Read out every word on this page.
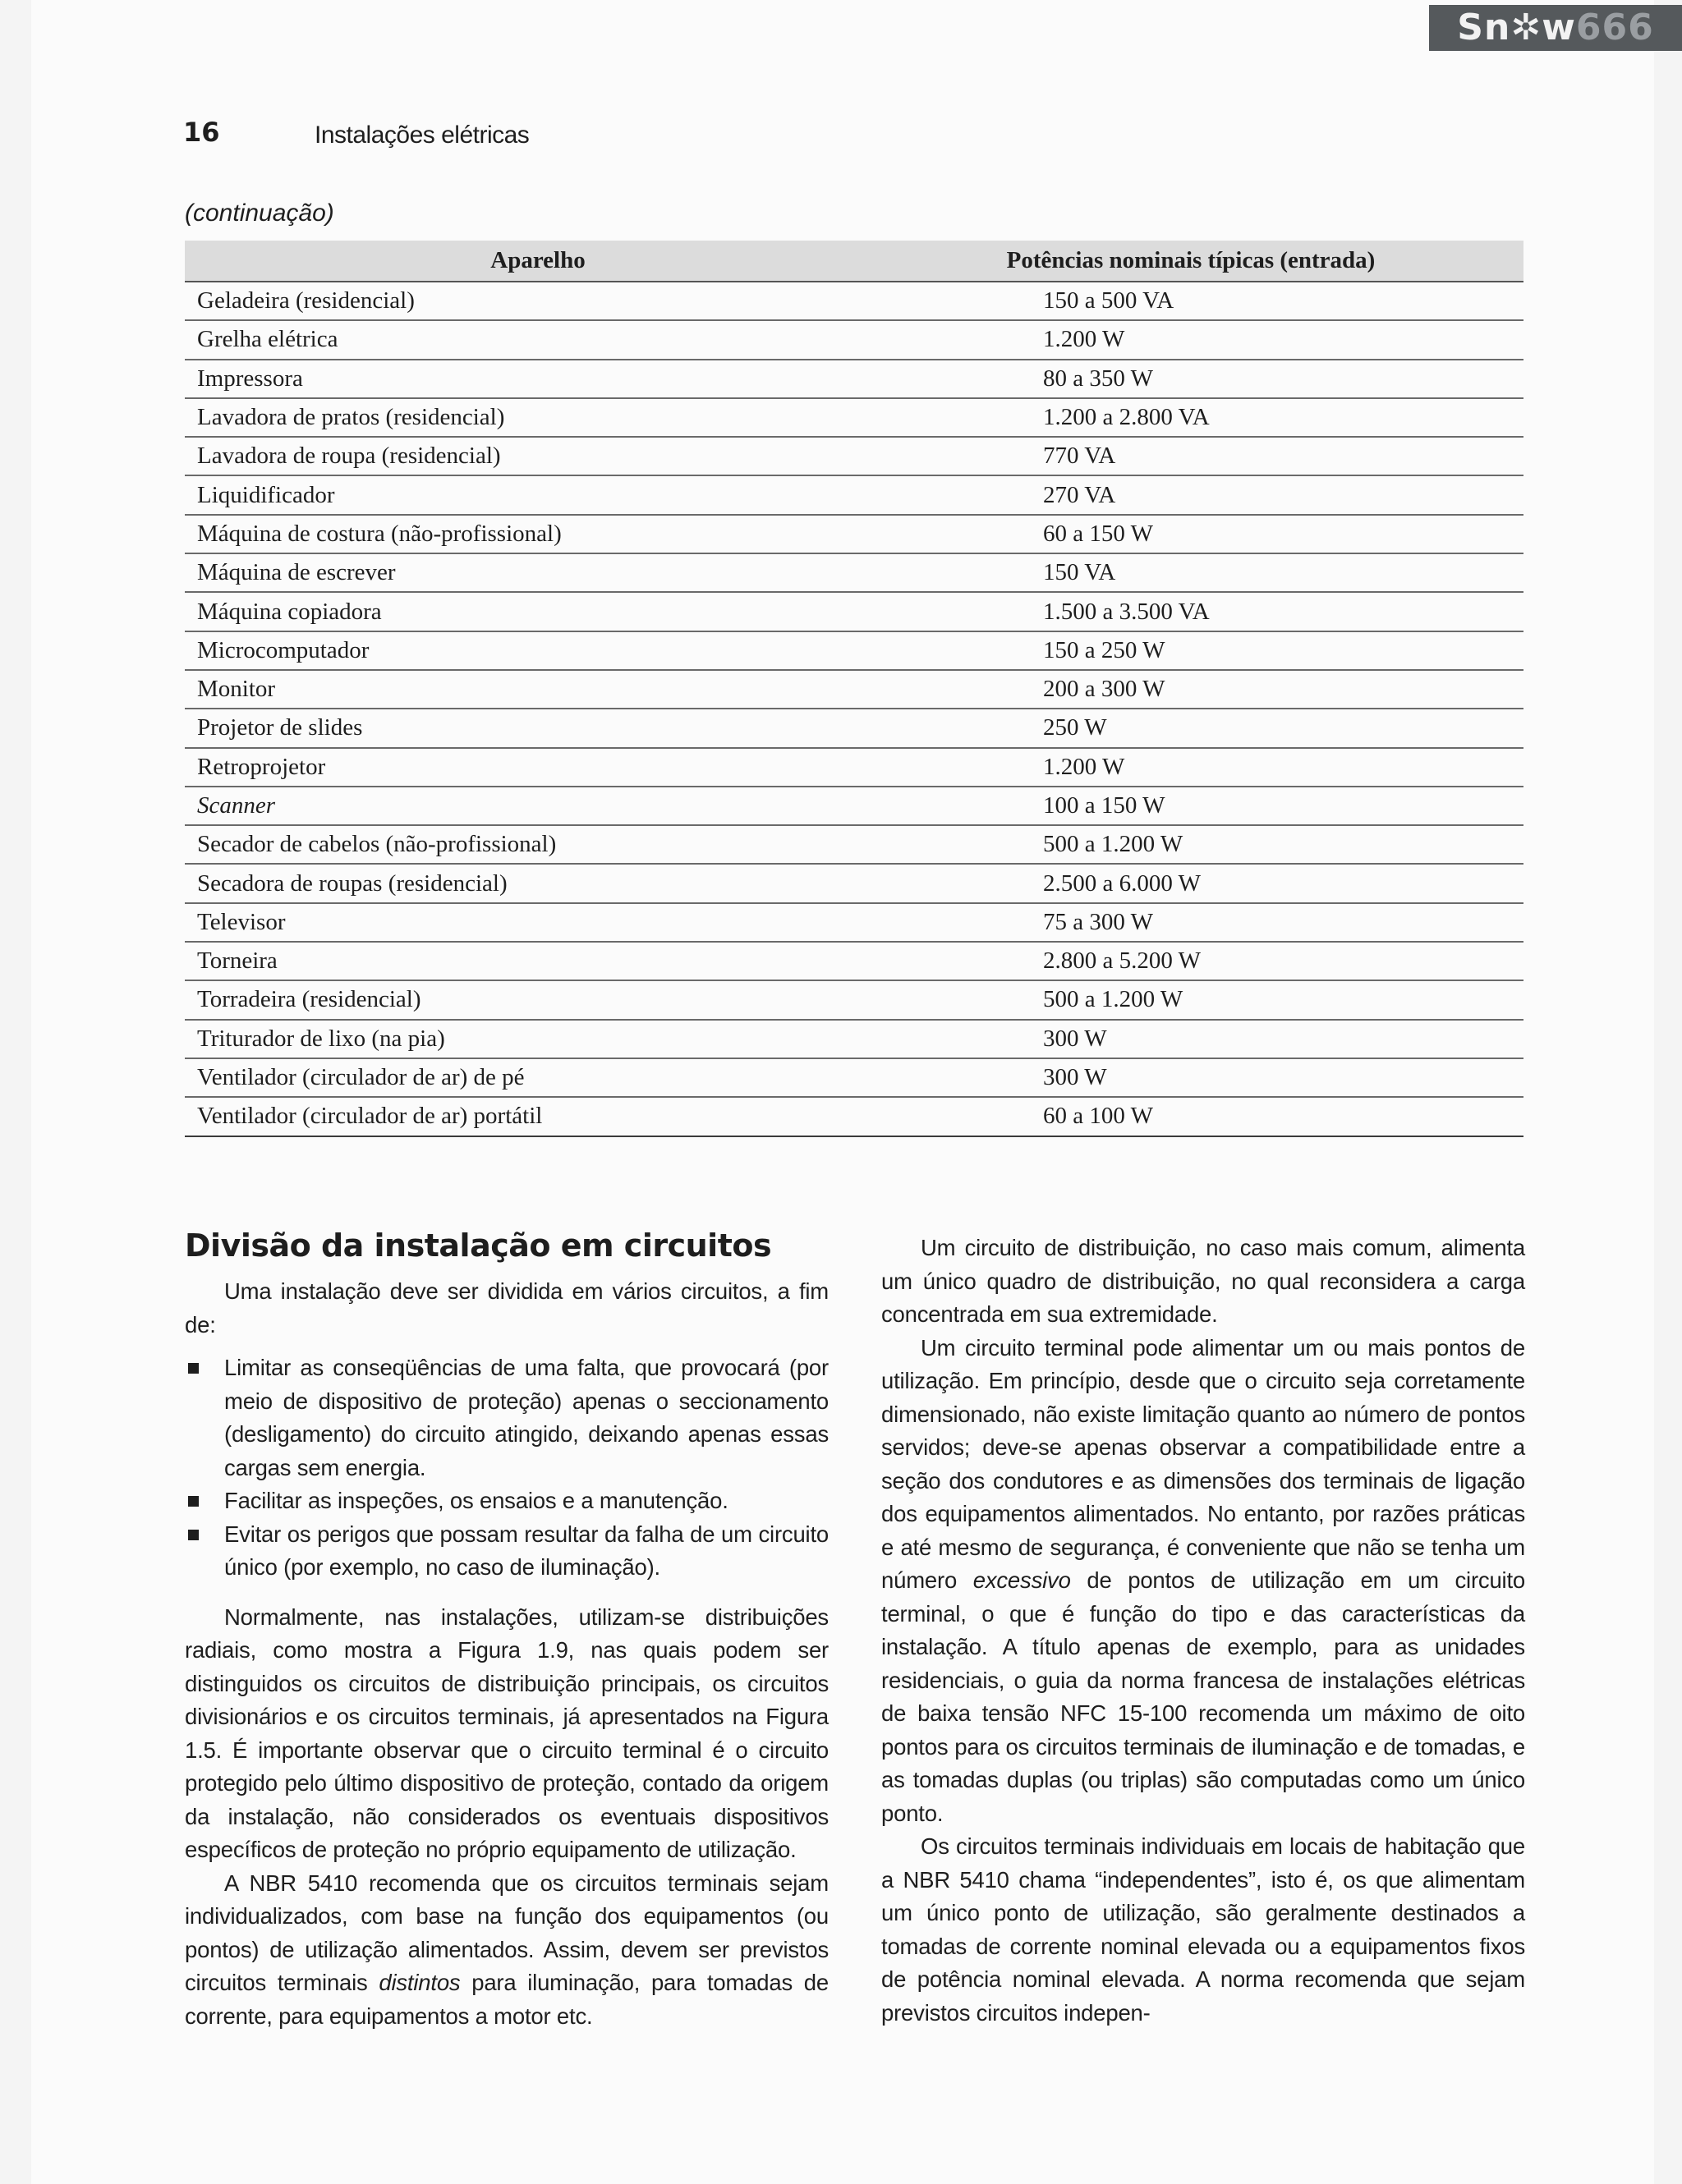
16	Instalações elétricas
(continuação)
Aparelho	Potências nominais típicas (entrada)
Geladeira (residencial)	150 a 500 VA
Grelha elétrica	1.200 W
Impressora	80 a 350 W
Lavadora de pratos (residencial)	1.200 a 2.800 VA
Lavadora de roupa (residencial)	770 VA
Liquidificador	270 VA
Máquina de costura (não-profissional)	60 a 150 W
Máquina de escrever	150 VA
Máquina copiadora	1.500 a 3.500 VA
Microcomputador	150 a 250 W
Monitor	200 a 300 W
Projetor de slides	250 W
Retroprojetor	1.200 W
Scanner	100 a 150 W
Secador de cabelos (não-profissional)	500 a 1.200 W
Secadora de roupas (residencial)	2.500 a 6.000 W
Televisor	75 a 300 W
Torneira	2.800 a 5.200 W
Torradeira (residencial)	500 a 1.200 W
Triturador de lixo (na pia)	300 W
Ventilador (circulador de ar) de pé	300 W
Ventilador (circulador de ar) portátil	60 a 100 W
Divisão da instalação em circuitos

Uma instalação deve ser dividida em vários circuitos, a fim de:

Limitar as conseqüências de uma falta, que provocará (por meio de dispositivo de proteção) apenas o seccionamento (desligamento) do circuito atingido, deixando apenas essas cargas sem energia.
Facilitar as inspeções, os ensaios e a manutenção.
Evitar os perigos que possam resultar da falha de um circuito único (por exemplo, no caso de iluminação).

Normalmente, nas instalações, utilizam-se distribuições radiais, como mostra a Figura 1.9, nas quais podem ser distinguidos os circuitos de distribuição principais, os circuitos divisionários e os circuitos terminais, já apresentados na Figura 1.5. É importante observar que o circuito terminal é o circuito protegido pelo último dispositivo de proteção, contado da origem da instalação, não considerados os eventuais dispositivos específicos de proteção no próprio equipamento de utilização.

A NBR 5410 recomenda que os circuitos terminais sejam individualizados, com base na função dos equipamentos (ou pontos) de utilização alimentados. Assim, devem ser previstos circuitos terminais distintos para iluminação, para tomadas de corrente, para equipamentos a motor etc.

Um circuito de distribuição, no caso mais comum, alimenta um único quadro de distribuição, no qual reconsidera a carga concentrada em sua extremidade.

Um circuito terminal pode alimentar um ou mais pontos de utilização. Em princípio, desde que o circuito seja corretamente dimensionado, não existe limitação quanto ao número de pontos servidos; deve-se apenas observar a compatibilidade entre a seção dos condutores e as dimensões dos terminais de ligação dos equipamentos alimentados. No entanto, por razões práticas e até mesmo de segurança, é conveniente que não se tenha um número excessivo de pontos de utilização em um circuito terminal, o que é função do tipo e das características da instalação. A título apenas de exemplo, para as unidades residenciais, o guia da norma francesa de instalações elétricas de baixa tensão NFC 15-100 recomenda um máximo de oito pontos para os circuitos terminais de iluminação e de tomadas, e as tomadas duplas (ou triplas) são computadas como um único ponto.

Os circuitos terminais individuais em locais de habitação que a NBR 5410 chama “independentes”, isto é, os que alimentam um único ponto de utilização, são geralmente destinados a tomadas de corrente nominal elevada ou a equipamentos fixos de potência nominal elevada. A norma recomenda que sejam previstos circuitos indepen-

Sn✲w666
